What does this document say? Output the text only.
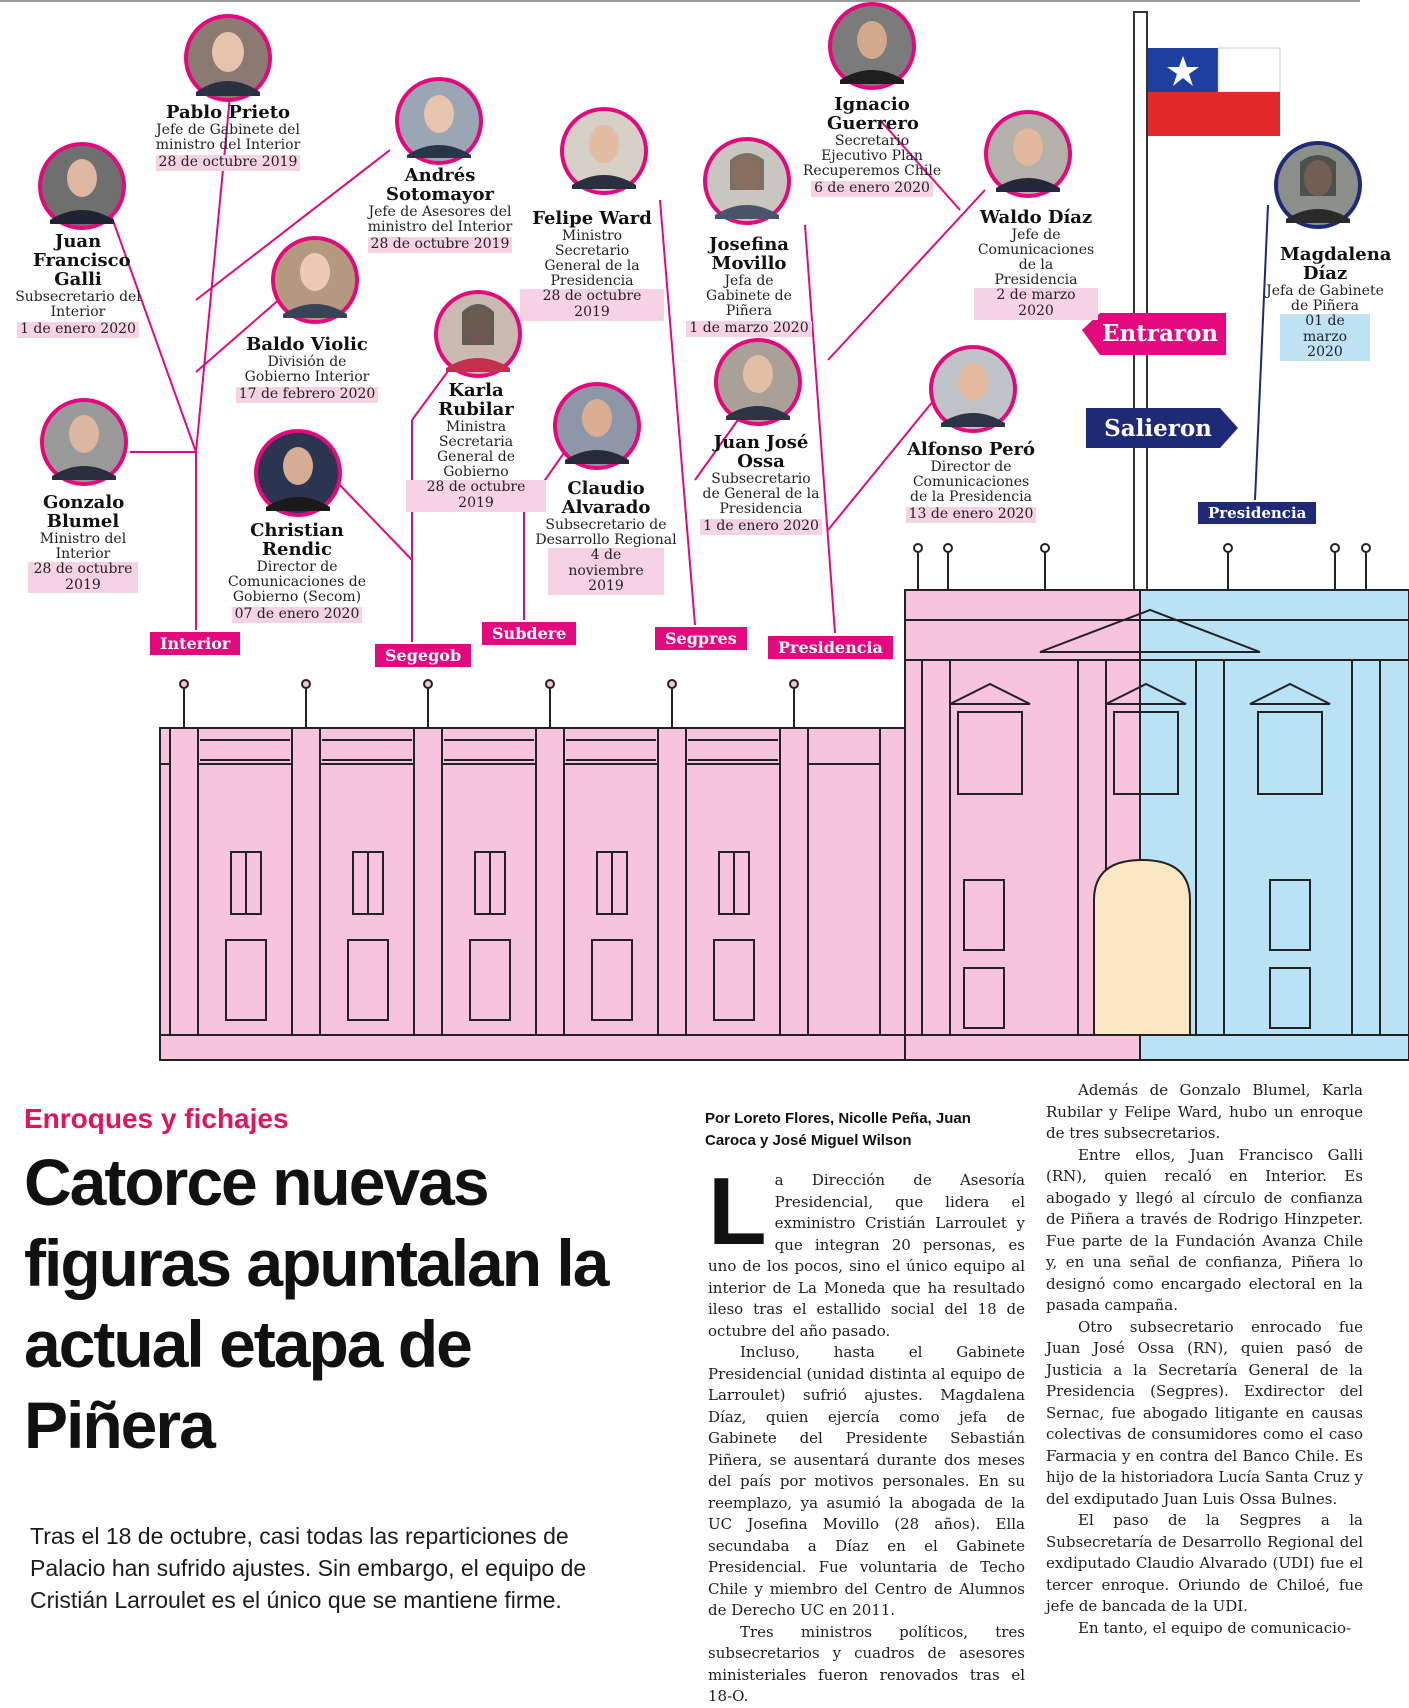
Entraron
Salieron
Interior
Segegob
Subdere	Segpres	Presidencia
Presidencia
Pablo Prieto
Jefe de Gabinete del ministro del Interior
28 de octubre 2019
Andrés Sotomayor
Jefe de Asesores del ministro del Interior
28 de octubre 2019
Juan Francisco Galli
Subsecretario del Interior
1 de enero 2020
Baldo Violic
División de Gobierno Interior
17 de febrero 2020
Gonzalo Blumel
Ministro del Interior
28 de octubre 2019
Christian Rendic
Director de Comunicaciones de Gobierno (Secom)
07 de enero 2020
Karla Rubilar
Ministra Secretaria General de Gobierno
28 de octubre 2019
Felipe Ward
Ministro Secretario General de la Presidencia
28 de octubre 2019
Claudio Alvarado
Subsecretario de Desarrollo Regional
4 de noviembre 2019
Josefina Movillo
Jefa de Gabinete de Piñera
1 de marzo 2020
Juan José Ossa
Subsecretario de General de la Presidencia
1 de enero 2020
Ignacio Guerrero
Secretario Ejecutivo Plan Recuperemos Chile
6 de enero 2020
Waldo Díaz
Jefe de Comunicaciones de la Presidencia
2 de marzo 2020
Alfonso Peró
Director de Comunicaciones de la Presidencia
13 de enero 2020
Magdalena Díaz
Jefa de Gabinete de Piñera
01 de marzo 2020
Enroques y fichajes
Catorce nuevas figuras apuntalan la actual etapa de Piñera
Tras el 18 de octubre, casi todas las reparticiones de Palacio han sufrido ajustes. Sin embargo, el equipo de Cristián Larroulet es el único que se mantiene firme.
Por Loreto Flores, Nicolle Peña, Juan Caroca y José Miguel Wilson

La Dirección de Asesoría Presidencial, que lidera el exministro Cristián Larroulet y que integran 20 personas, es uno de los pocos, sino el único equipo al interior de La Moneda que ha resultado ileso tras el estallido social del 18 de octubre del año pasado.

Incluso, hasta el Gabinete Presidencial (unidad distinta al equipo de Larroulet) sufrió ajustes. Magdalena Díaz, quien ejercía como jefa de Gabinete del Presidente Sebastián Piñera, se ausentará durante dos meses del país por motivos personales. En su reemplazo, ya asumió la abogada de la UC Josefina Movillo (28 años). Ella secundaba a Díaz en el Gabinete Presidencial. Fue voluntaria de Techo Chile y miembro del Centro de Alumnos de Derecho UC en 2011.

Tres ministros políticos, tres subsecretarios y cuadros de asesores ministeriales fueron renovados tras el 18-O.

Además de Gonzalo Blumel, Karla Rubilar y Felipe Ward, hubo un enroque de tres subsecretarios.

Entre ellos, Juan Francisco Galli (RN), quien recaló en Interior. Es abogado y llegó al círculo de confianza de Piñera a través de Rodrigo Hinzpeter. Fue parte de la Fundación Avanza Chile y, en una señal de confianza, Piñera lo designó como encargado electoral en la pasada campaña.

Otro subsecretario enrocado fue Juan José Ossa (RN), quien pasó de Justicia a la Secretaría General de la Presidencia (Segpres). Exdirector del Sernac, fue abogado litigante en causas colectivas de consumidores como el caso Farmacia y en contra del Banco Chile. Es hijo de la historiadora Lucía Santa Cruz y del exdiputado Juan Luis Ossa Bulnes.

El paso de la Segpres a la Subsecretaría de Desarrollo Regional del exdiputado Claudio Alvarado (UDI) fue el tercer enroque. Oriundo de Chiloé, fue jefe de bancada de la UDI.

En tanto, el equipo de comunicacio-
